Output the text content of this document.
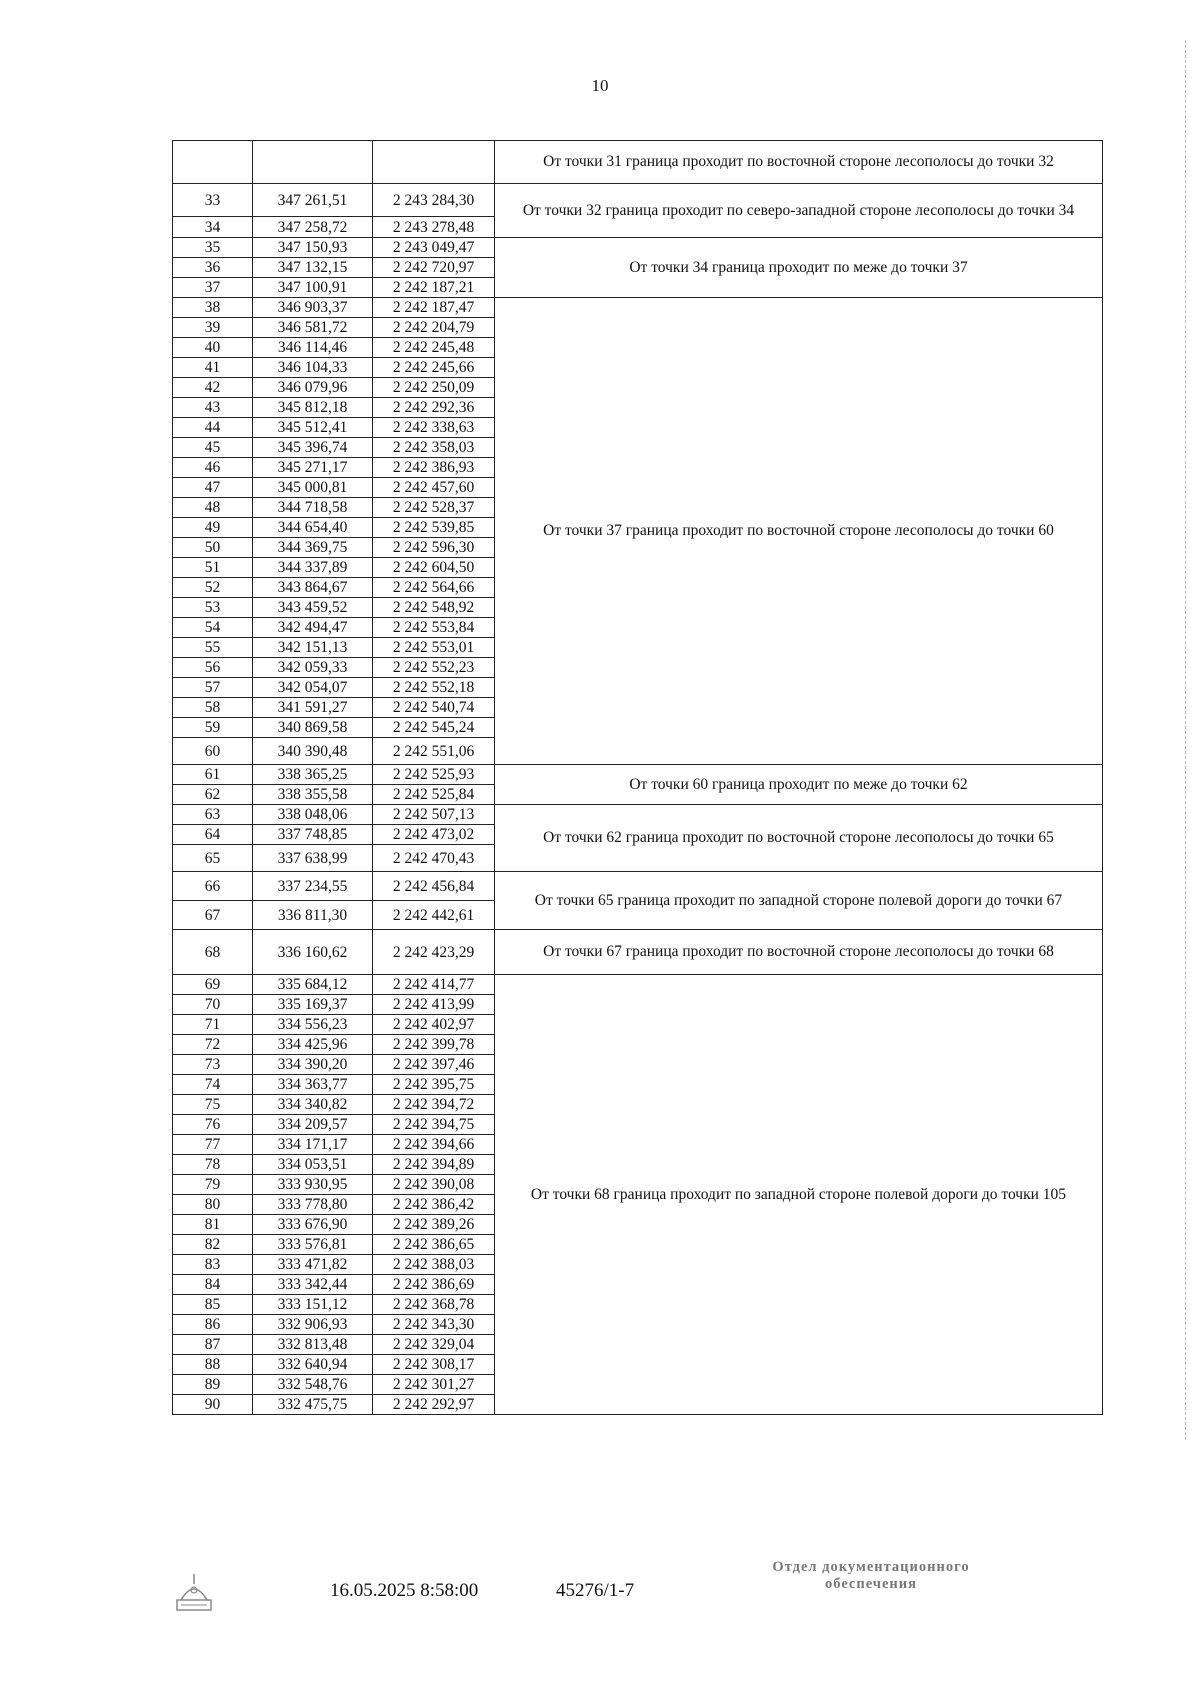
10
			От точки 31 граница проходит по восточной стороне лесополосы до точки 32
33	347 261,51	2 243 284,30	От точки 32 граница проходит по северо-западной стороне лесополосы до точки 34
34	347 258,72	2 243 278,48	
35	347 150,93	2 243 049,47	От точки 34 граница проходит по меже до точки 37
36	347 132,15	2 242 720,97	
37	347 100,91	2 242 187,21	
38	346 903,37	2 242 187,47	От точки 37 граница проходит по восточной стороне лесополосы до точки 60
39	346 581,72	2 242 204,79	
40	346 114,46	2 242 245,48	
41	346 104,33	2 242 245,66	
42	346 079,96	2 242 250,09	
43	345 812,18	2 242 292,36	
44	345 512,41	2 242 338,63	
45	345 396,74	2 242 358,03	
46	345 271,17	2 242 386,93	
47	345 000,81	2 242 457,60	
48	344 718,58	2 242 528,37	
49	344 654,40	2 242 539,85	
50	344 369,75	2 242 596,30	
51	344 337,89	2 242 604,50	
52	343 864,67	2 242 564,66	
53	343 459,52	2 242 548,92	
54	342 494,47	2 242 553,84	
55	342 151,13	2 242 553,01	
56	342 059,33	2 242 552,23	
57	342 054,07	2 242 552,18	
58	341 591,27	2 242 540,74	
59	340 869,58	2 242 545,24	
60	340 390,48	2 242 551,06	
61	338 365,25	2 242 525,93	От точки 60 граница проходит по меже до точки 62
62	338 355,58	2 242 525,84	
63	338 048,06	2 242 507,13	От точки 62 граница проходит по восточной стороне лесополосы до точки 65
64	337 748,85	2 242 473,02	
65	337 638,99	2 242 470,43	
66	337 234,55	2 242 456,84	От точки 65 граница проходит по западной стороне полевой дороги до точки 67
67	336 811,30	2 242 442,61	
68	336 160,62	2 242 423,29	От точки 67 граница проходит по восточной стороне лесополосы до точки 68
69	335 684,12	2 242 414,77	От точки 68 граница проходит по западной стороне полевой дороги до точки 105
70	335 169,37	2 242 413,99	
71	334 556,23	2 242 402,97	
72	334 425,96	2 242 399,78	
73	334 390,20	2 242 397,46	
74	334 363,77	2 242 395,75	
75	334 340,82	2 242 394,72	
76	334 209,57	2 242 394,75	
77	334 171,17	2 242 394,66	
78	334 053,51	2 242 394,89	
79	333 930,95	2 242 390,08	
80	333 778,80	2 242 386,42	
81	333 676,90	2 242 389,26	
82	333 576,81	2 242 386,65	
83	333 471,82	2 242 388,03	
84	333 342,44	2 242 386,69	
85	333 151,12	2 242 368,78	
86	332 906,93	2 242 343,30	
87	332 813,48	2 242 329,04	
88	332 640,94	2 242 308,17	
89	332 548,76	2 242 301,27	
90	332 475,75	2 242 292,97	
16.05.2025 8:58:00	45276/1-7
Отдел документационного
обеспечения
